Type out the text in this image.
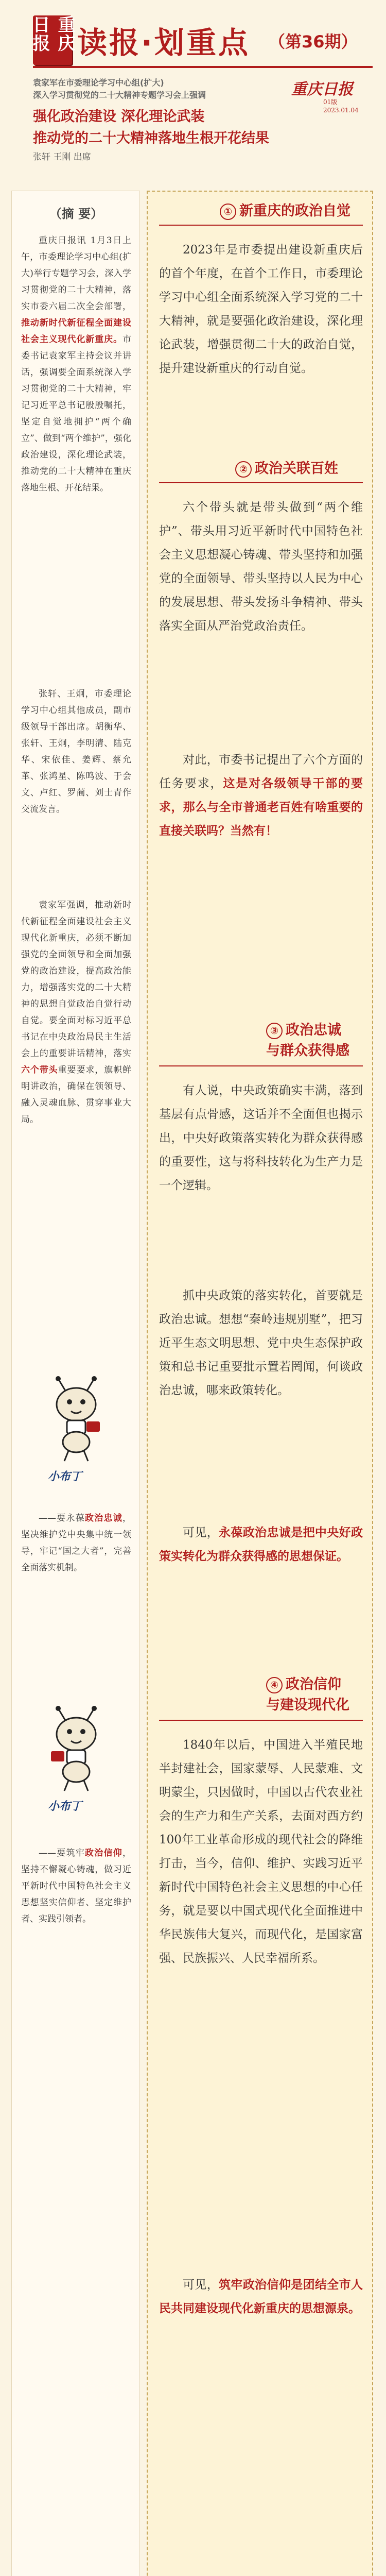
重庆日报 读报·划重点 （第36期）
重庆日报
01版
2023.01.04
袁家军在市委理论学习中心组(扩大)
深入学习贯彻党的二十大精神专题学习会上强调
强化政治建设 深化理论武装
推动党的二十大精神落地生根开花结果
张轩 王刚 出席
（摘 要）
重庆日报讯 1月3日上午，市委理论学习中心组(扩大)举行专题学习会，深入学习贯彻党的二十大精神，落实市委六届二次全会部署，推动新时代新征程全面建设社会主义现代化新重庆。市委书记袁家军主持会议并讲话，强调要全面系统深入学习贯彻党的二十大精神，牢记习近平总书记殷殷嘱托，坚定自觉地拥护“两个确立”、做到“两个维护”，强化政治建设，深化理论武装，推动党的二十大精神在重庆落地生根、开花结果。
张轩、王炯，市委理论学习中心组其他成员，副市级领导干部出席。胡衡华、张轩、王炯，李明清、陆克华、宋依佳、姜辉、蔡允革、张鸿星、陈鸣波、于会文、卢红、罗蔺、刘士青作交流发言。
袁家军强调，推动新时代新征程全面建设社会主义现代化新重庆，必须不断加强党的全面领导和全面加强党的政治建设，提高政治能力，增强落实党的二十大精神的思想自觉政治自觉行动自觉。要全面对标习近平总书记在中央政治局民主生活会上的重要讲话精神，落实六个带头重要要求，旗帜鲜明讲政治，确保在领领导、融入灵魂血脉、贯穿事业大局。
小布丁
——要永葆政治忠诚，坚决维护党中央集中统一领导，牢记“国之大者”，完善全面落实机制。
小布丁
——要筑牢政治信仰，坚持不懈凝心铸魂，做习近平新时代中国特色社会主义思想坚实信仰者、坚定维护者、实践引领者。
① 新重庆的政治自觉
2023年是市委提出建设新重庆后的首个年度，在首个工作日，市委理论学习中心组全面系统深入学习党的二十大精神，就是要强化政治建设，深化理论武装，增强贯彻二十大的政治自觉，提升建设新重庆的行动自觉。
② 政治关联百姓
六个带头就是带头做到“两个维护”、带头用习近平新时代中国特色社会主义思想凝心铸魂、带头坚持和加强党的全面领导、带头坚持以人民为中心的发展思想、带头发扬斗争精神、带头落实全面从严治党政治责任。
对此，市委书记提出了六个方面的任务要求，这是对各级领导干部的要求，那么与全市普通老百姓有啥重要的直接关联吗？当然有！
③ 政治忠诚
与群众获得感
有人说，中央政策确实丰满，落到基层有点骨感，这话并不全面但也揭示出，中央好政策落实转化为群众获得感的重要性，这与将科技转化为生产力是一个逻辑。
抓中央政策的落实转化，首要就是政治忠诚。想想“秦岭违规别墅”，把习近平生态文明思想、党中央生态保护政策和总书记重要批示置若罔闻，何谈政治忠诚，哪来政策转化。
可见，永葆政治忠诚是把中央好政策实转化为群众获得感的思想保证。
④ 政治信仰
与建设现代化
1840年以后，中国进入半殖民地半封建社会，国家蒙辱、人民蒙难、文明蒙尘，只因做时，中国以古代农业社会的生产力和生产关系，去面对西方约100年工业革命形成的现代社会的降维打击，当今，信仰、维护、实践习近平新时代中国特色社会主义思想的中心任务，就是要以中国式现代化全面推进中华民族伟大复兴，而现代化，是国家富强、民族振兴、人民幸福所系。
可见，筑牢政治信仰是团结全市人民共同建设现代化新重庆的思想源泉。
